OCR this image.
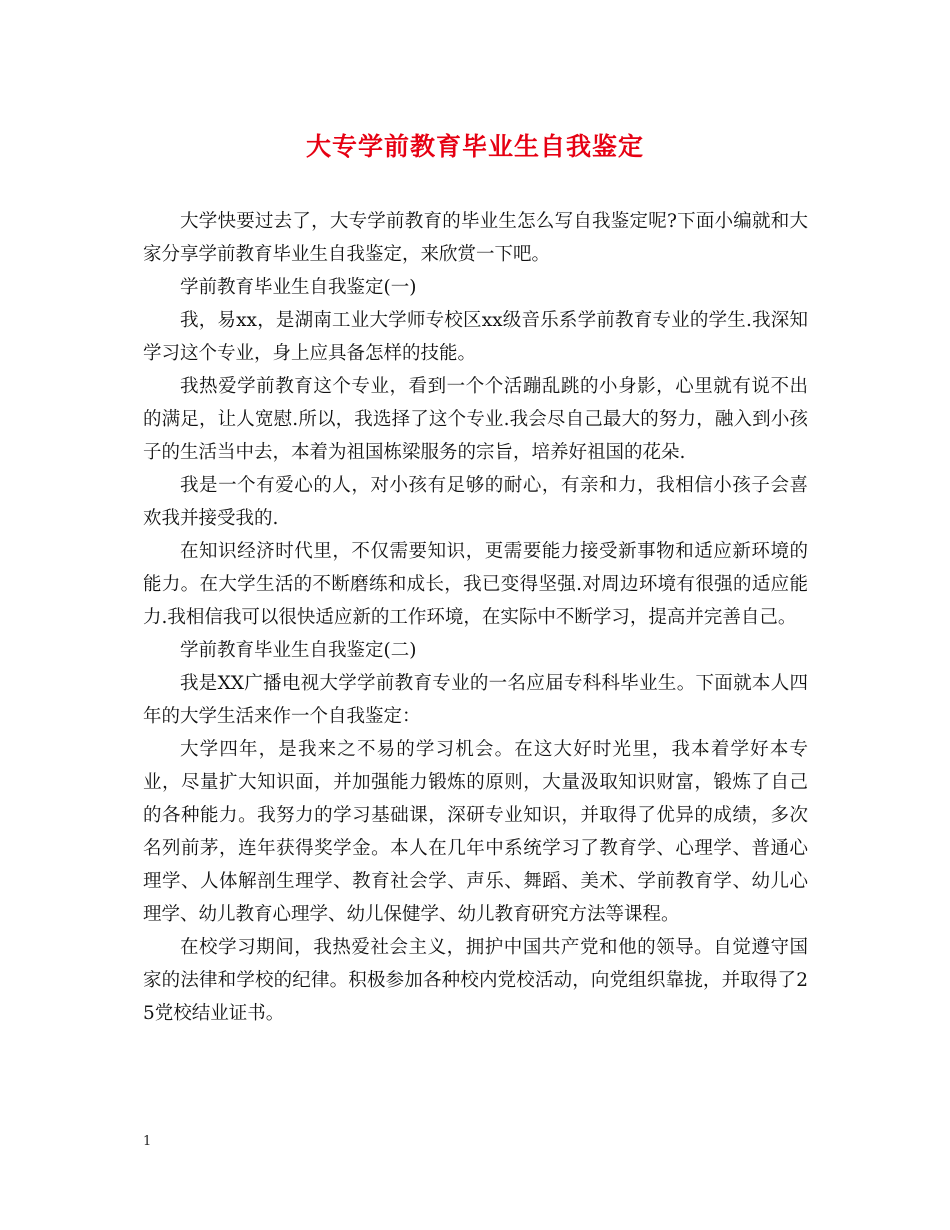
大专学前教育毕业生自我鉴定

大学快要过去了，大专学前教育的毕业生怎么写自我鉴定呢?下面小编就和大家分享学前教育毕业生自我鉴定，来欣赏一下吧。

学前教育毕业生自我鉴定(一)

我，易xx，是湖南工业大学师专校区xx级音乐系学前教育专业的学生.我深知学习这个专业，身上应具备怎样的技能。

我热爱学前教育这个专业，看到一个个活蹦乱跳的小身影，心里就有说不出的满足，让人宽慰.所以，我选择了这个专业.我会尽自己最大的努力，融入到小孩子的生活当中去，本着为祖国栋梁服务的宗旨，培养好祖国的花朵.

我是一个有爱心的人，对小孩有足够的耐心，有亲和力，我相信小孩子会喜欢我并接受我的.

在知识经济时代里，不仅需要知识，更需要能力接受新事物和适应新环境的能力。在大学生活的不断磨练和成长，我已变得坚强.对周边环境有很强的适应能力.我相信我可以很快适应新的工作环境，在实际中不断学习，提高并完善自己。

学前教育毕业生自我鉴定(二)

我是XX广播电视大学学前教育专业的一名应届专科科毕业生。下面就本人四年的大学生活来作一个自我鉴定：

大学四年，是我来之不易的学习机会。在这大好时光里，我本着学好本专业，尽量扩大知识面，并加强能力锻炼的原则，大量汲取知识财富，锻炼了自己的各种能力。我努力的学习基础课，深研专业知识，并取得了优异的成绩，多次名列前茅，连年获得奖学金。本人在几年中系统学习了教育学、心理学、普通心理学、人体解剖生理学、教育社会学、声乐、舞蹈、美术、学前教育学、幼儿心理学、幼儿教育心理学、幼儿保健学、幼儿教育研究方法等课程。

在校学习期间，我热爱社会主义，拥护中国共产党和他的领导。自觉遵守国家的法律和学校的纪律。积极参加各种校内党校活动，向党组织靠拢，并取得了25党校结业证书。

1
